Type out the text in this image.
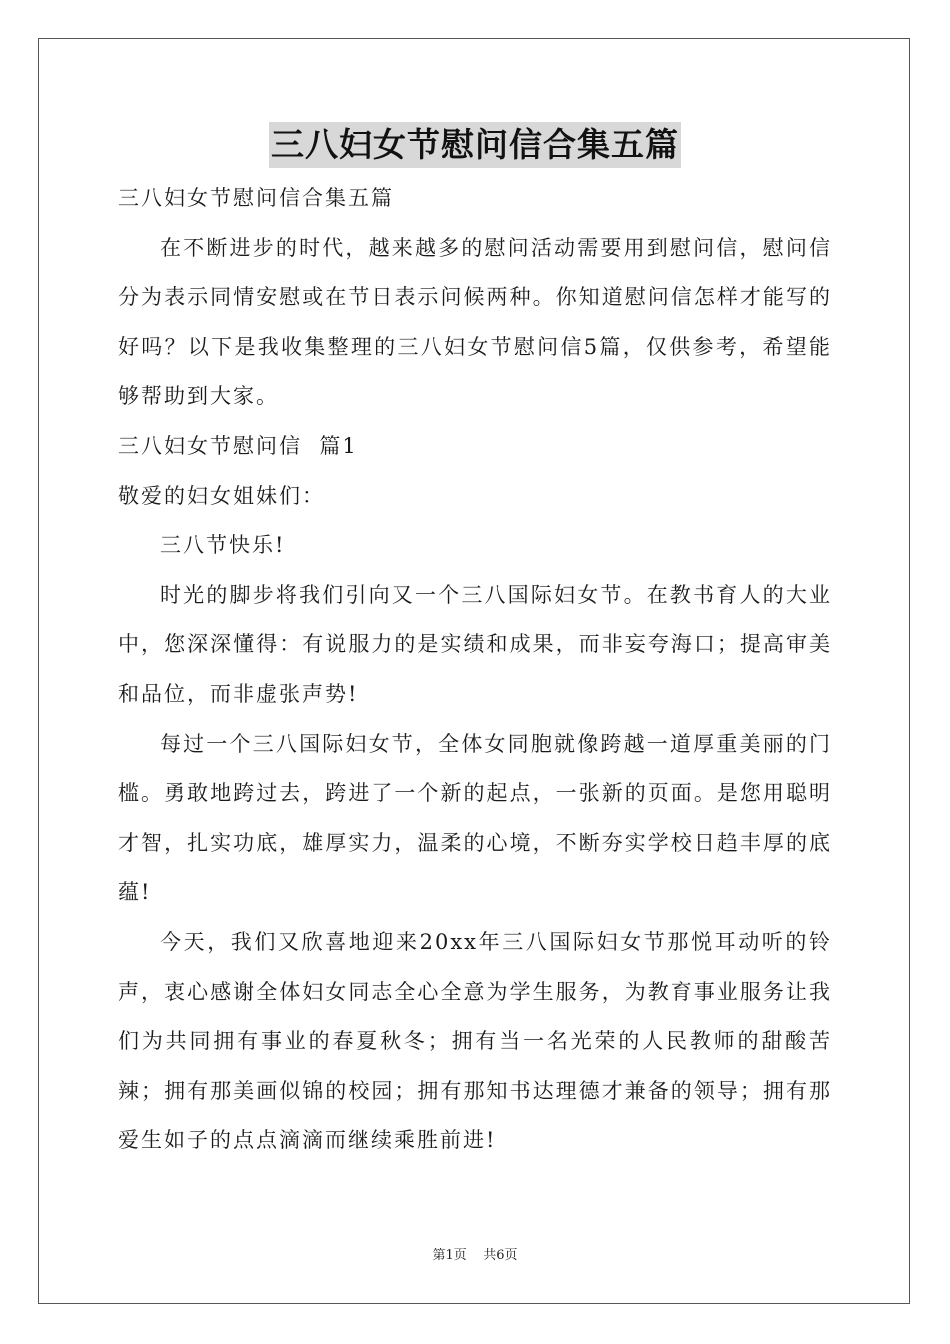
三八妇女节慰问信合集五篇

三八妇女节慰问信合集五篇

在不断进步的时代，越来越多的慰问活动需要用到慰问信，慰问信分为表示同情安慰或在节日表示问候两种。你知道慰问信怎样才能写的好吗？以下是我收集整理的三八妇女节慰问信5篇，仅供参考，希望能够帮助到大家。

三八妇女节慰问信  篇1

敬爱的妇女姐妹们：

三八节快乐!

时光的脚步将我们引向又一个三八国际妇女节。在教书育人的大业中，您深深懂得：有说服力的是实绩和成果，而非妄夸海口；提高审美和品位，而非虚张声势!

每过一个三八国际妇女节，全体女同胞就像跨越一道厚重美丽的门槛。勇敢地跨过去，跨进了一个新的起点，一张新的页面。是您用聪明才智，扎实功底，雄厚实力，温柔的心境，不断夯实学校日趋丰厚的底蕴!

今天，我们又欣喜地迎来20xx年三八国际妇女节那悦耳动听的铃声，衷心感谢全体妇女同志全心全意为学生服务，为教育事业服务让我们为共同拥有事业的春夏秋冬；拥有当一名光荣的人民教师的甜酸苦辣；拥有那美画似锦的校园；拥有那知书达理德才兼备的领导；拥有那爱生如子的点点滴滴而继续乘胜前进!

第1页 共6页
